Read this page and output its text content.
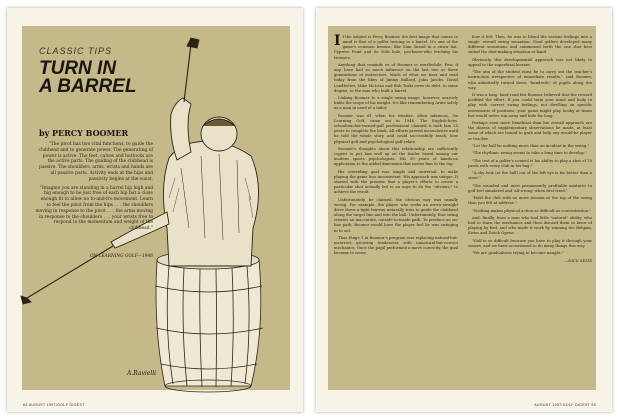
CLASSIC TIPS
TURN IN
A BARREL
by PERCY BOOMER

"The pivot has two vital functions, to guide the clubhead and to generate power. The generating of power is active. The feet, calves and buttocks are the active parts. The guiding of the clubhead is passive. The shoulders, arms, wrists and hands are all passive parts. Activity ends at the hips and passivity begins at the waist.

"Imagine you are standing in a barrel hip high and big enough to be just free of each hip but a close enough fit to allow no to-and-fro movement. Learn to feel the pivot from the hips . . . the shoulders moving in response to the pivot . . . the arms moving in response to the shoulders . . . your wrists free to respond to the momentum and weight of the clubhead."

ON LEARNING GOLF—1946
A.Ravielli
64 AUGUST 1997/GOLF DIGEST

If the subject is Percy Boomer, the first image that comes to mind is that of a golfer turning in a barrel. It's one of the game's common lessons, like Sam Snead in a straw hat, Cypress Point and its 16th hole, you-know-who fetching his trousers.

Anything that reminds us of Boomer is worthwhile. Few, if any, have had so much influence on the last two or three generations of instructors. Much of what we hear and read today from the likes of Jimmy Ballard, John Jacobs, David Leadbetter, Mike McLean and Bob Toski owes its debt, to some degree, to the man who built a barrel.

Linking Boomer to a single swing image, however, scarcely hides the scope of his insight. It's like remembering Arnie solely as a man in need of a tailor.

Boomer was 61 when his treatise, often infamous, On Learning Golf, came out in 1946. The English-born, schoolteacher-turned-golf professional claimed it took him 25 years to complete the book. All efforts proved inconclusive until he told the whole story, and could successfully teach, how physical golf and psychological golf relate.

Boomer's thoughts about this relationship are sufficiently cogent to put him well up on the leader board among our modern sports psychologists. His 50 years of hands-on application to the added dimension that moves him to the top.

His overriding goal was simple and universal: to make playing the game less inconsistent. His approach was unique. It started with the premise that a player's efforts to create a particular shot actually led to an urge to do the "obvious," to achieve the result.

Unfortunately, he claimed, the obvious way was usually wrong. For example, the player who seeks an arrow-straight drive down a tight fairway naturally tries to guide the clubhead along the target line and into the ball. Unfortunately, that swing creates an inaccurate, outside-to-inside path. To produce an on-line path, Boomer would have the player feel he was swinging in to out.

Thus Stage 1 in Boomer's program was replacing natural-but-incorrect grooving tendencies with unnatural-but-correct mechanics. Once the pupil performed a move correctly, the goal became to sense

how it felt. Then, he was to blend the various feelings into a single, overall swing sensation. Good golfers developed many different sensations and summoned forth the one that best suited the shot-making situation at hand.

Obviously, this developmental approach was not likely to appeal to the superficial learner.

"The aim of the student must be to carry out the teacher's instruction irrespective of immediate results," said Boomer, who admittedly turned down "hundreds" of pupils along the way.

It was a long, hard road but Boomer believed that the reward justified the effort. If you could train your mind and body to play with correct swing feelings, not dwelling on specific movements of positions, your game might play hooky at times but would never run away and hide for long.

Perhaps even more beneficial than his overall approach are the dozens of supplementary observations he made, at least some of which are bound to grab and help any would-be player or teacher.

"Let the ball be nothing more than an incident in the swing."

"The rhythmic swing seems to take a long time to develop."

"The test of a golfer's control is his ability to play a shot of 70 yards with every club in his bag."

"A shy look (at the ball) out of the left eye is far better than a stare."

"The sounded and most permanently profitable mixtures to golf feel simulated and 'all-wrong' when first tried."

"Hold the club with no more tension at the top of the swing than you felt at address."

"Nothing makes physical action so difficult as concentration."

And, finally, from a man who had little "natural" ability, who had to learn the mechanics and then discard them in favor of playing by feel, and who made it work by winning the Belgian, Swiss and Dutch Opens:

"Golf is so difficult because you have to play it through your senses, and we have accustomed to do many things this way.

"We are gradualness trying to become naught."

—NICK SEITZ

AUGUST 1997/GOLF DIGEST 65
